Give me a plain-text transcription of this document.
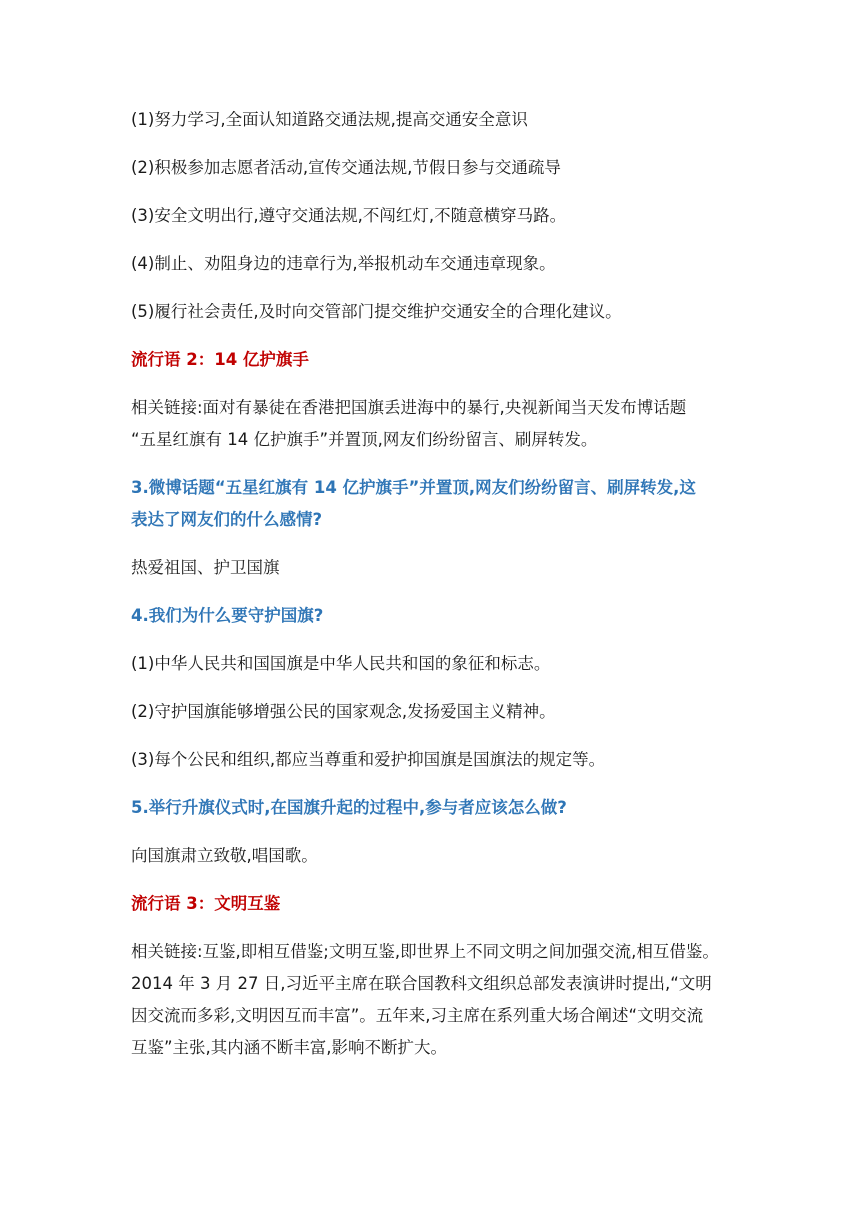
(1)努力学习,全面认知道路交通法规,提高交通安全意识

(2)积极参加志愿者活动,宣传交通法规,节假日参与交通疏导

(3)安全文明出行,遵守交通法规,不闯红灯,不随意横穿马路。

(4)制止、劝阻身边的违章行为,举报机动车交通违章现象。

(5)履行社会责任,及时向交管部门提交维护交通安全的合理化建议。

流行语 2：14 亿护旗手

相关链接:面对有暴徒在香港把国旗丢进海中的暴行,央视新闻当天发布博话题
“五星红旗有 14 亿护旗手”并置顶,网友们纷纷留言、刷屏转发。

3.微博话题“五星红旗有 14 亿护旗手”并置顶,网友们纷纷留言、刷屏转发,这
表达了网友们的什么感情?

热爱祖国、护卫国旗

4.我们为什么要守护国旗?

(1)中华人民共和国国旗是中华人民共和国的象征和标志。

(2)守护国旗能够增强公民的国家观念,发扬爱国主义精神。

(3)每个公民和组织,都应当尊重和爱护抑国旗是国旗法的规定等。

5.举行升旗仪式时,在国旗升起的过程中,参与者应该怎么做?

向国旗肃立致敬,唱国歌。

流行语 3：文明互鉴

相关链接:互鉴,即相互借鉴;文明互鉴,即世界上不同文明之间加强交流,相互借鉴。
2014 年 3 月 27 日,习近平主席在联合国教科文组织总部发表演讲时提出,“文明
因交流而多彩,文明因互而丰富”。五年来,习主席在系列重大场合阐述“文明交流
互鉴”主张,其内涵不断丰富,影响不断扩大。
